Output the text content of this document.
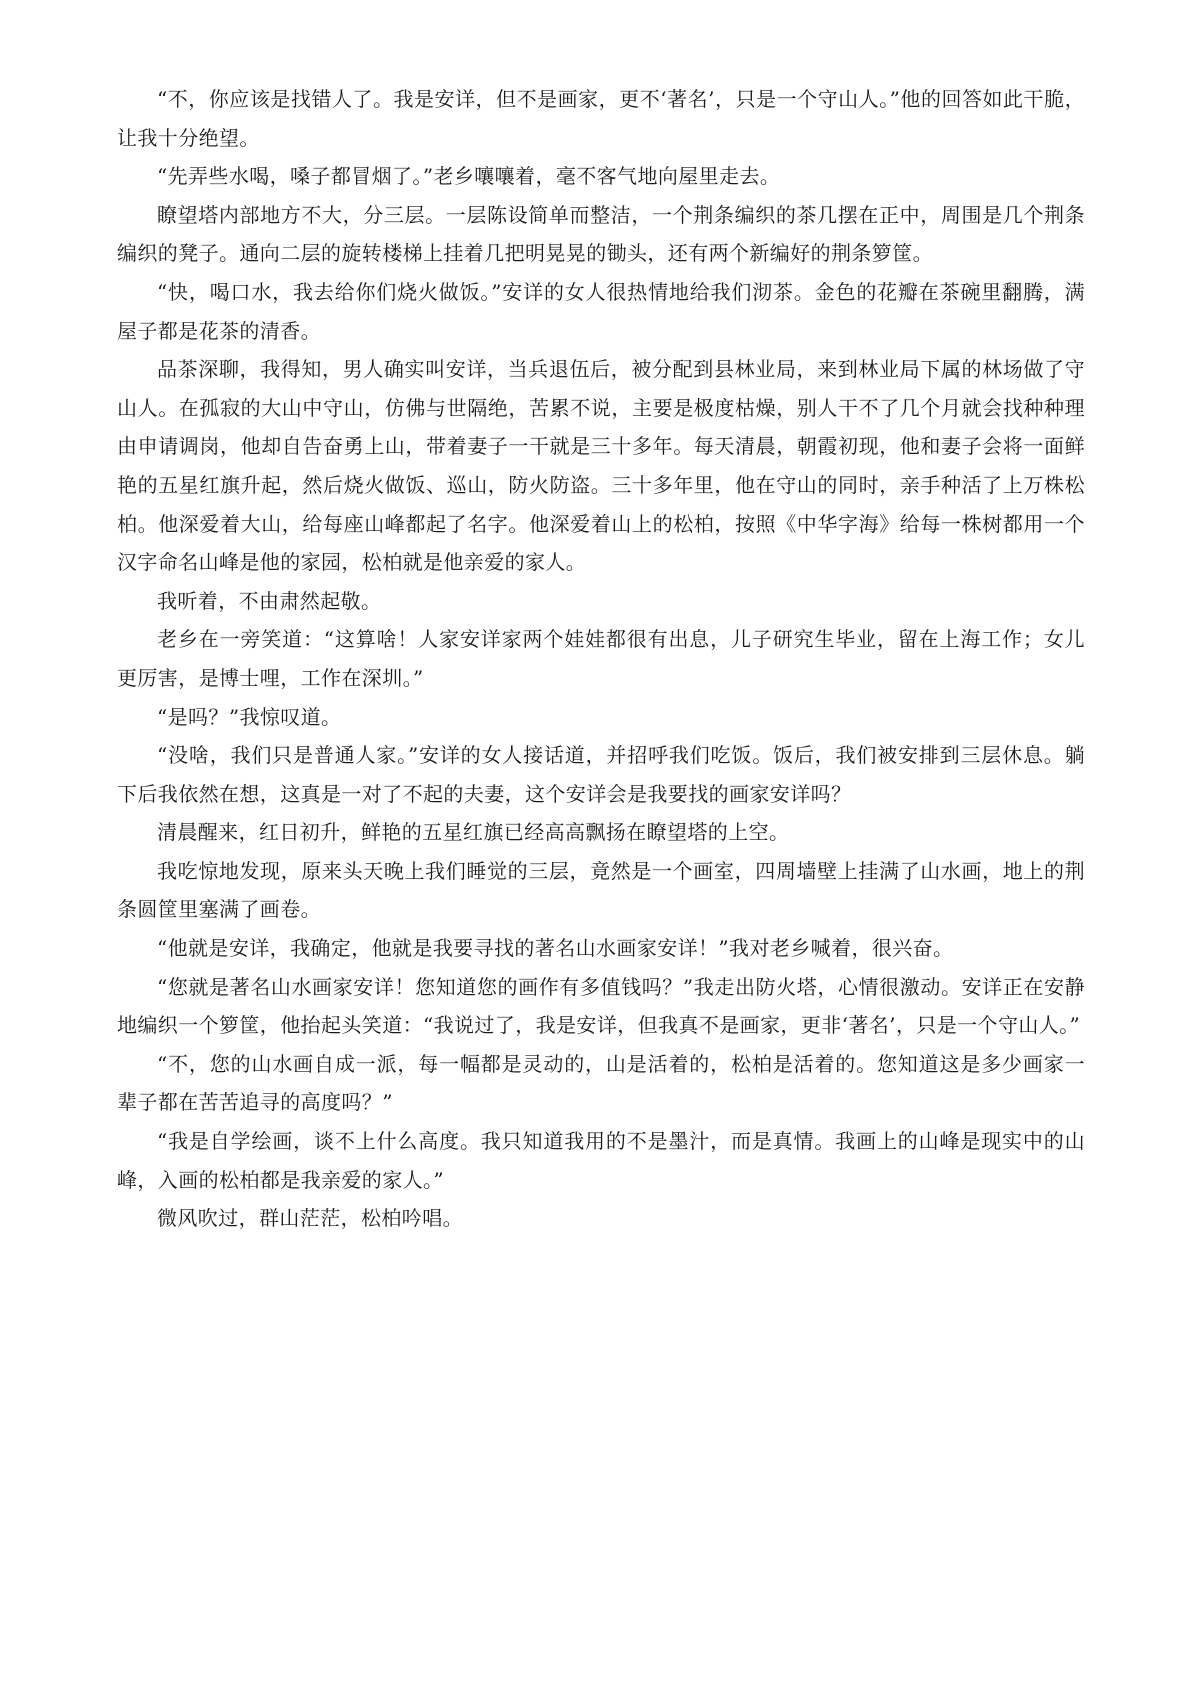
“不，你应该是找错人了。我是安详，但不是画家，更不‘著名’，只是一个守山人。”他的回答如此干脆，让我十分绝望。

“先弄些水喝，嗓子都冒烟了。”老乡嚷嚷着，毫不客气地向屋里走去。

瞭望塔内部地方不大，分三层。一层陈设简单而整洁，一个荆条编织的茶几摆在正中，周围是几个荆条编织的凳子。通向二层的旋转楼梯上挂着几把明晃晃的锄头，还有两个新编好的荆条箩筐。

“快，喝口水，我去给你们烧火做饭。”安详的女人很热情地给我们沏茶。金色的花瓣在茶碗里翻腾，满屋子都是花茶的清香。

品茶深聊，我得知，男人确实叫安详，当兵退伍后，被分配到县林业局，来到林业局下属的林场做了守山人。在孤寂的大山中守山，仿佛与世隔绝，苦累不说，主要是极度枯燥，别人干不了几个月就会找种种理由申请调岗，他却自告奋勇上山，带着妻子一干就是三十多年。每天清晨，朝霞初现，他和妻子会将一面鲜艳的五星红旗升起，然后烧火做饭、巡山，防火防盗。三十多年里，他在守山的同时，亲手种活了上万株松柏。他深爱着大山，给每座山峰都起了名字。他深爱着山上的松柏，按照《中华字海》给每一株树都用一个汉字命名山峰是他的家园，松柏就是他亲爱的家人。

我听着，不由肃然起敬。

老乡在一旁笑道：“这算啥！人家安详家两个娃娃都很有出息，儿子研究生毕业，留在上海工作；女儿更厉害，是博士哩，工作在深圳。”

“是吗？”我惊叹道。

“没啥，我们只是普通人家。”安详的女人接话道，并招呼我们吃饭。饭后，我们被安排到三层休息。躺下后我依然在想，这真是一对了不起的夫妻，这个安详会是我要找的画家安详吗？

清晨醒来，红日初升，鲜艳的五星红旗已经高高飘扬在瞭望塔的上空。

我吃惊地发现，原来头天晚上我们睡觉的三层，竟然是一个画室，四周墙壁上挂满了山水画，地上的荆条圆筐里塞满了画卷。

“他就是安详，我确定，他就是我要寻找的著名山水画家安详！”我对老乡喊着，很兴奋。

“您就是著名山水画家安详！您知道您的画作有多值钱吗？”我走出防火塔，心情很激动。安详正在安静地编织一个箩筐，他抬起头笑道：“我说过了，我是安详，但我真不是画家，更非‘著名’，只是一个守山人。”

“不，您的山水画自成一派，每一幅都是灵动的，山是活着的，松柏是活着的。您知道这是多少画家一辈子都在苦苦追寻的高度吗？”

“我是自学绘画，谈不上什么高度。我只知道我用的不是墨汁，而是真情。我画上的山峰是现实中的山峰，入画的松柏都是我亲爱的家人。”

微风吹过，群山茫茫，松柏吟唱。
